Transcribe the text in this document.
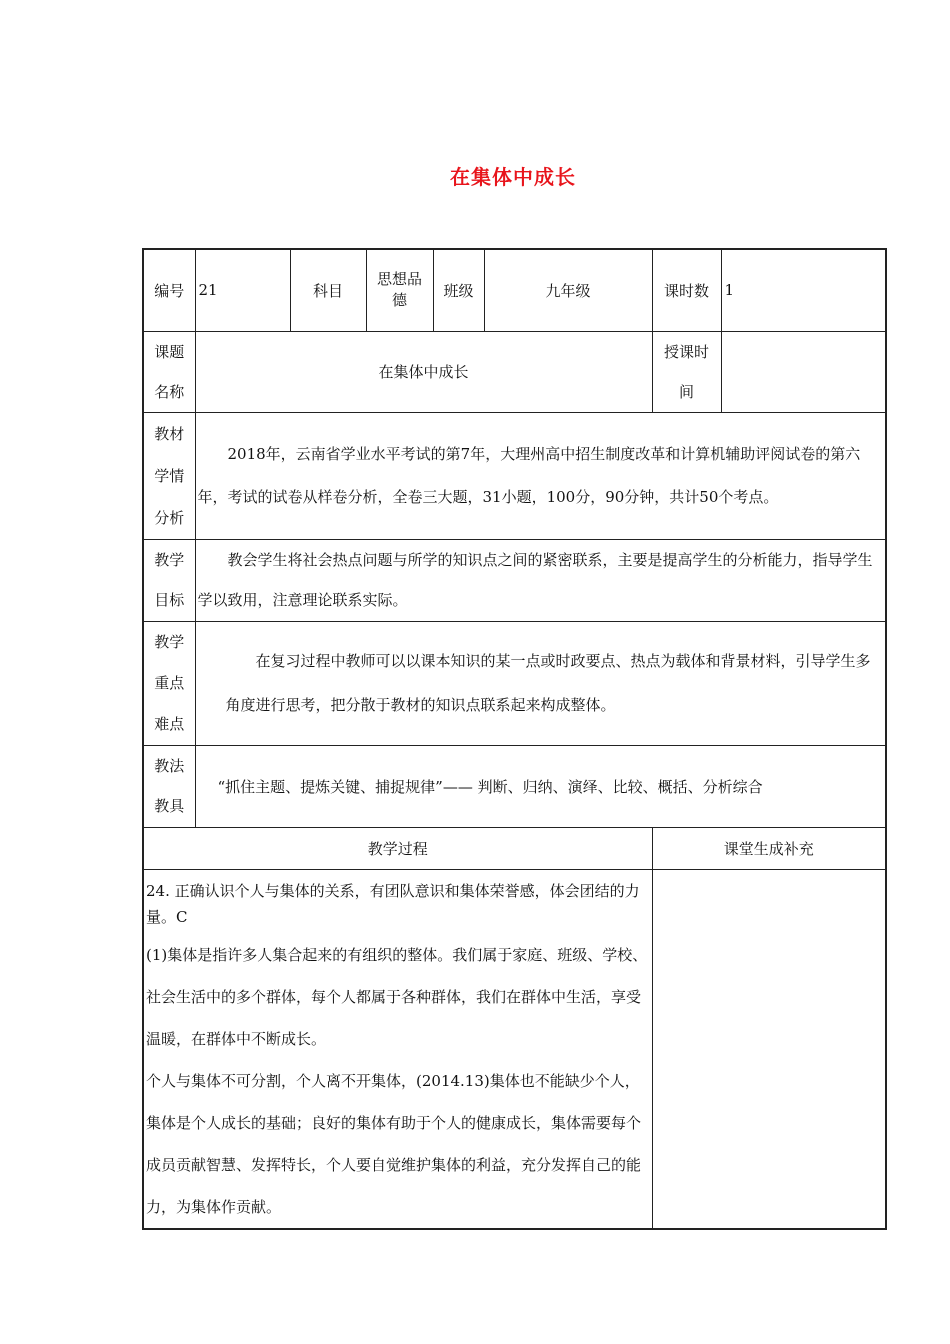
在集体中成长
编号	21	科目	思想品德	班级	九年级	课时数	1
课题名称	在集体中成长					授课时间	
教材学情分析	2018年，云南省学业水平考试的第7年，大理州高中招生制度改革和计算机辅助评阅试卷的第六年，考试的试卷从样卷分析，全卷三大题，31小题，100分，90分钟，共计50个考点。						

教学目标	教会学生将社会热点问题与所学的知识点之间的紧密联系，主要是提高学生的分析能力，指导学生学以致用，注意理论联系实际。						

教学重点难点	在复习过程中教师可以以课本知识的某一点或时政要点、热点为载体和背景材料，引导学生多角度进行思考，把分散于教材的知识点联系起来构成整体。						

教法教具	“抓住主题、提炼关键、捕捉规律”—— 判断、归纳、演绎、比较、概括、分析综合						
教学过程						课堂生成补充	

24. 正确认识个人与集体的关系，有团队意识和集体荣誉感，体会团结的力量。C

(1)集体是指许多人集合起来的有组织的整体。我们属于家庭、班级、学校、社会生活中的多个群体，每个人都属于各种群体，我们在群体中生活，享受温暖，在群体中不断成长。

个人与集体不可分割，个人离不开集体，(2014.13)集体也不能缺少个人，集体是个人成长的基础；良好的集体有助于个人的健康成长，集体需要每个成员贡献智慧、发挥特长，个人要自觉维护集体的利益，充分发挥自己的能力，为集体作贡献。							
